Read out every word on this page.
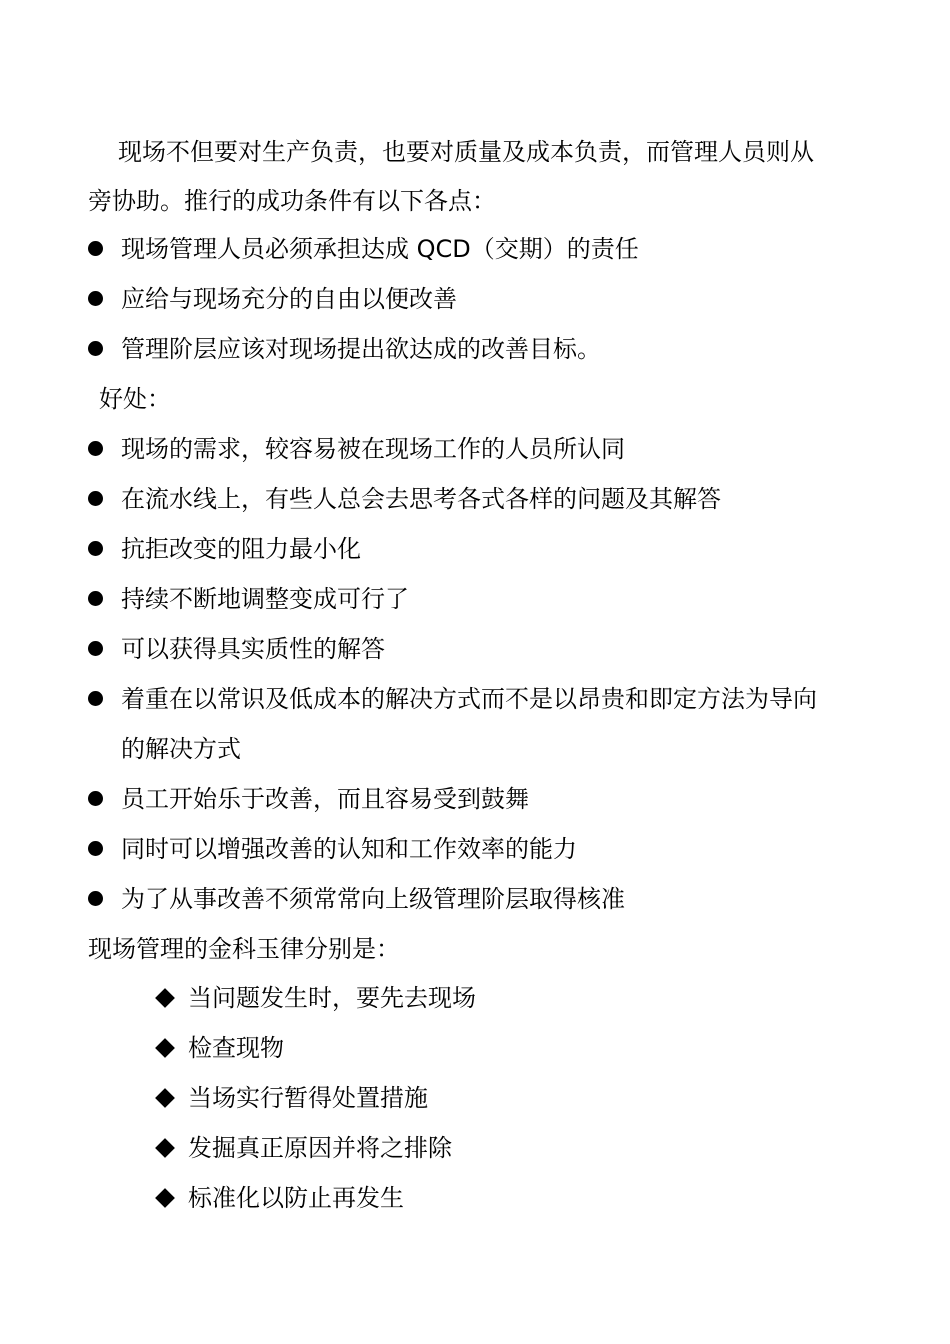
现场不但要对生产负责，也要对质量及成本负责，而管理人员则从
旁协助。推行的成功条件有以下各点：
现场管理人员必须承担达成 QCD（交期）的责任
应给与现场充分的自由以便改善
管理阶层应该对现场提出欲达成的改善目标。
好处：
现场的需求，较容易被在现场工作的人员所认同
在流水线上，有些人总会去思考各式各样的问题及其解答
抗拒改变的阻力最小化
持续不断地调整变成可行了
可以获得具实质性的解答
着重在以常识及低成本的解决方式而不是以昂贵和即定方法为导向
的解决方式
员工开始乐于改善，而且容易受到鼓舞
同时可以增强改善的认知和工作效率的能力
为了从事改善不须常常向上级管理阶层取得核准
现场管理的金科玉律分别是：
当问题发生时，要先去现场
检查现物
当场实行暂得处置措施
发掘真正原因并将之排除
标准化以防止再发生
